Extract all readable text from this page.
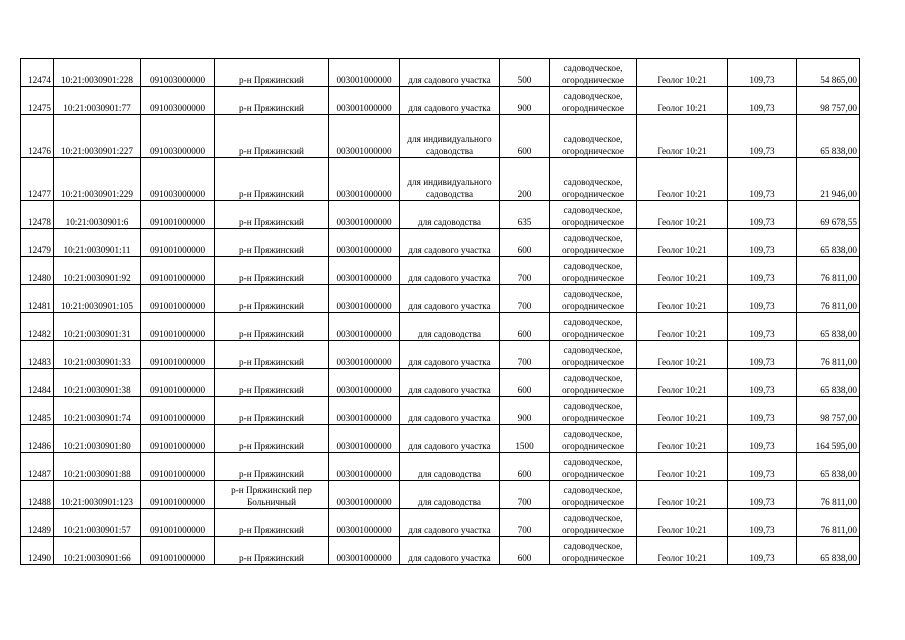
12474	10:21:0030901:228	091003000000	р-н Пряжинский	003001000000	для садового участка	500	садоводческое, огородническое	Геолог 10:21	109,73	54 865,00
12475	10:21:0030901:77	091003000000	р-н Пряжинский	003001000000	для садового участка	900	садоводческое, огородническое	Геолог 10:21	109,73	98 757,00
12476	10:21:0030901:227	091003000000	р-н Пряжинский	003001000000	для индивидуального садоводства	600	садоводческое, огородническое	Геолог 10:21	109,73	65 838,00
12477	10:21:0030901:229	091003000000	р-н Пряжинский	003001000000	для индивидуального садоводства	200	садоводческое, огородническое	Геолог 10:21	109,73	21 946,00
12478	10:21:0030901:6	091001000000	р-н Пряжинский	003001000000	для садоводства	635	садоводческое, огородническое	Геолог 10:21	109,73	69 678,55
12479	10:21:0030901:11	091001000000	р-н Пряжинский	003001000000	для садового участка	600	садоводческое, огородническое	Геолог 10:21	109,73	65 838,00
12480	10:21:0030901:92	091001000000	р-н Пряжинский	003001000000	для садового участка	700	садоводческое, огородническое	Геолог 10:21	109,73	76 811,00
12481	10:21:0030901:105	091001000000	р-н Пряжинский	003001000000	для садового участка	700	садоводческое, огородническое	Геолог 10:21	109,73	76 811,00
12482	10:21:0030901:31	091001000000	р-н Пряжинский	003001000000	для садоводства	600	садоводческое, огородническое	Геолог 10:21	109,73	65 838,00
12483	10:21:0030901:33	091001000000	р-н Пряжинский	003001000000	для садового участка	700	садоводческое, огородническое	Геолог 10:21	109,73	76 811,00
12484	10:21:0030901:38	091001000000	р-н Пряжинский	003001000000	для садового участка	600	садоводческое, огородническое	Геолог 10:21	109,73	65 838,00
12485	10:21:0030901:74	091001000000	р-н Пряжинский	003001000000	для садового участка	900	садоводческое, огородническое	Геолог 10:21	109,73	98 757,00
12486	10:21:0030901:80	091001000000	р-н Пряжинский	003001000000	для садового участка	1500	садоводческое, огородническое	Геолог 10:21	109,73	164 595,00
12487	10:21:0030901:88	091001000000	р-н Пряжинский	003001000000	для садоводства	600	садоводческое, огородническое	Геолог 10:21	109,73	65 838,00
12488	10:21:0030901:123	091001000000	р-н Пряжинский пер Больничный	003001000000	для садоводства	700	садоводческое, огородническое	Геолог 10:21	109,73	76 811,00
12489	10:21:0030901:57	091001000000	р-н Пряжинский	003001000000	для садового участка	700	садоводческое, огородническое	Геолог 10:21	109,73	76 811,00
12490	10:21:0030901:66	091001000000	р-н Пряжинский	003001000000	для садового участка	600	садоводческое, огородническое	Геолог 10:21	109,73	65 838,00
